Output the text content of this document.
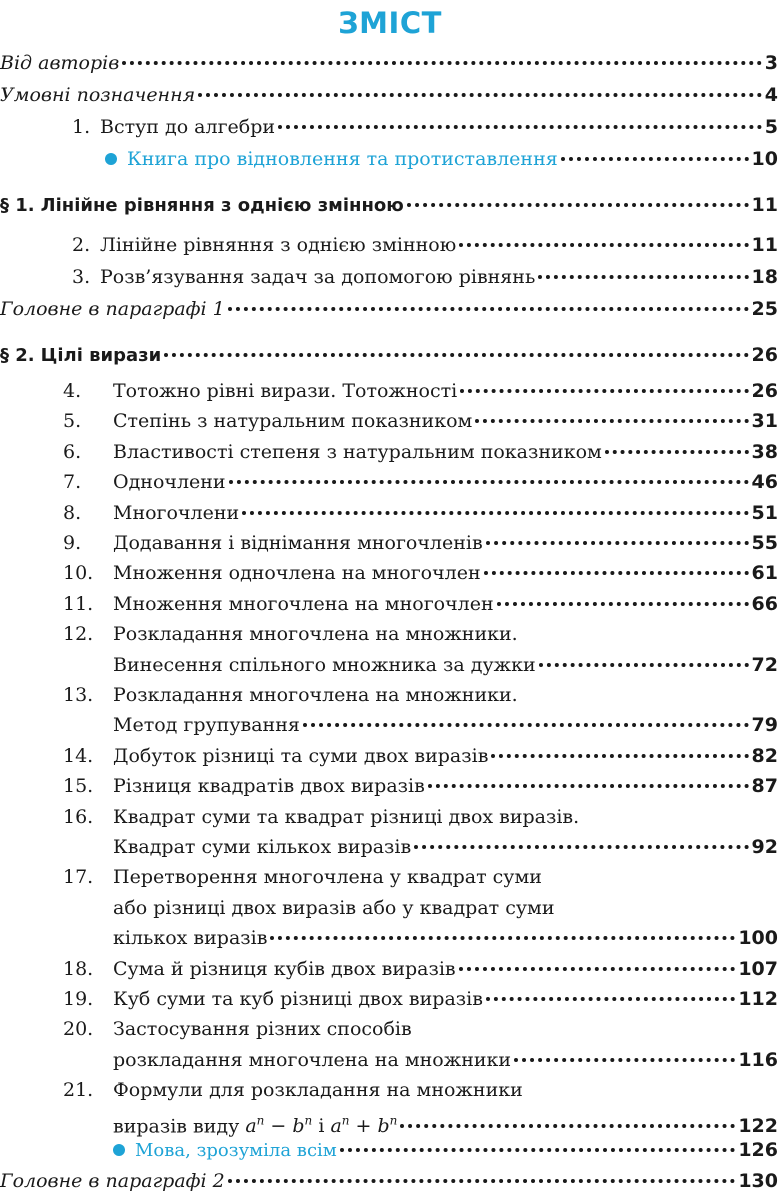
ЗМІСТ
Від авторів	3
Умовні позначення	4
1. Вступ до алгебри	5
Книга про відновлення та протиставлення	10
§ 1. Лінійне рівняння з однією змінною	11
2. Лінійне рівняння з однією змінною	11
3. Розв’язування задач за допомогою рівнянь	18
Головне в параграфі 1	25
§ 2. Цілі вирази	26
4.	Тотожно рівні вирази. Тотожності	26
5.	Степінь з натуральним показником	31
6.	Властивості степеня з натуральним показником	38
7.	Одночлени	46
8.	Многочлени	51
9.	Додавання і віднімання многочленів	55
10.	Множення одночлена на многочлен	61
11.	Множення многочлена на многочлен	66
12.	Розкладання многочлена на множники.
Винесення спільного множника за дужки	72
13.	Розкладання многочлена на множники.
Метод групування	79
14.	Добуток різниці та суми двох виразів	82
15.	Різниця квадратів двох виразів	87
16.	Квадрат суми та квадрат різниці двох виразів.
Квадрат суми кількох виразів	92
17.	Перетворення многочлена у квадрат суми
або різниці двох виразів або у квадрат суми
кількох виразів	100
18.	Сума й різниця кубів двох виразів	107
19.	Куб суми та куб різниці двох виразів	112
20.	Застосування різних способів
розкладання многочлена на множники	116
21.	Формули для розкладання на множники
виразів виду $a^n - b^n$ і $a^n + b^n$	122
Мова, зрозуміла всім	126
Головне в параграфі 2	130
